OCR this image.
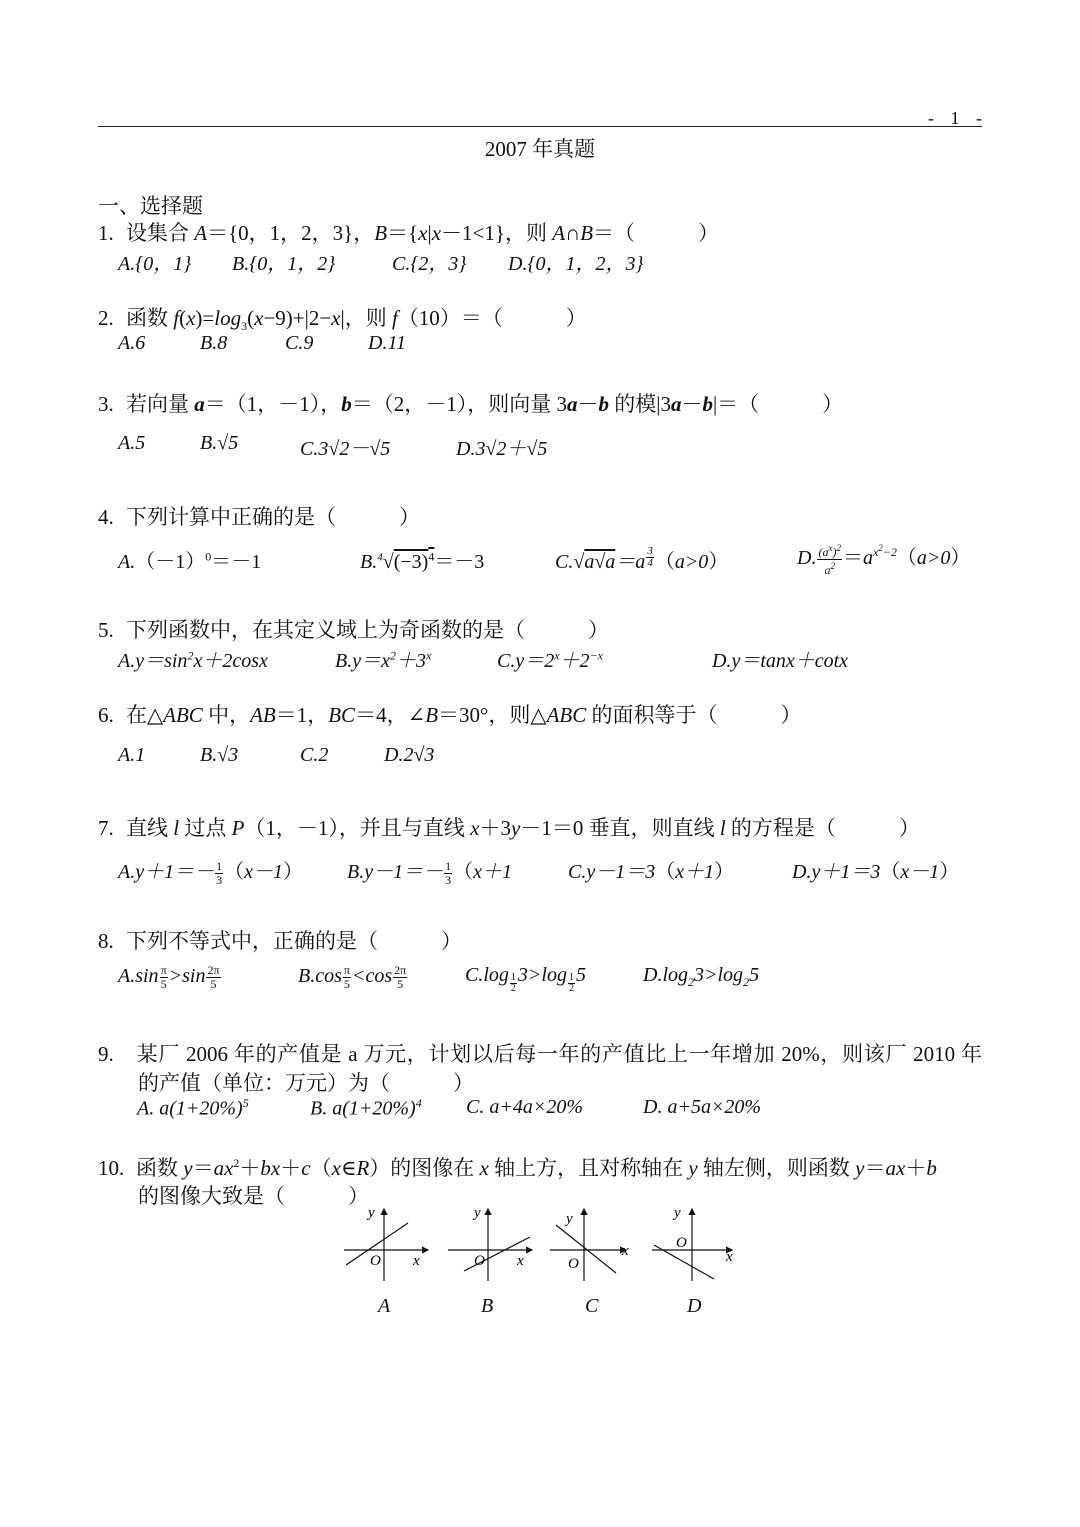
- 1 -
2007 年真题
一、选择题
1. 设集合 A＝{0，1，2，3}，B＝{x|x－1<1}，则 A∩B＝（　　　）
A.{0，1} B.{0，1，2}	C.{2，3} D.{0，1，2，3}
2. 函数 $f(x)=\log_3(x-9)+|2-x|$，则 f（10）＝（　　　）
A.6	B.8	C.9	D.11
3. 若向量 a＝（1，－1），b＝（2，－1），则向量 3a－b 的模|3a－b|＝（　　　）
A.5	B.√5	C.3√2－√5	D.3√2＋√5
4. 下列计算中正确的是（　　　）
$A.(-1)^0=-1$	$B.^4√(-3)^4=-3$	C.√a√a＝a $^{\frac{3}{4}}$ （a>0）	D. $\frac{(a^x)^2}{a^2} =a^{x^2-2}(a>0)$
5. 下列函数中，在其定义域上为奇函数的是（　　　）
$A.y=\sin^2x+2\cos x$	$B.y=x^2+3^x$	$C.y=2^x+2^{-x}$	D.y＝tanx＋cotx
6. 在△ABC 中，AB＝1，BC＝4，∠B＝30°，则△ABC 的面积等于（　　　）
A.1	B.√3	C.2	D.2√3
7. 直线 l 过点 P（1，－1），并且与直线 x＋3y－1＝0 垂直，则直线 l 的方程是（　　　）
$A.y+1=- \frac{1}{3} (x-1)$ $B.y-1=- \frac{1}{3} (x+1$	C.y－1＝3（x＋1）	D.y＋1＝3（x－1）
8. 下列不等式中，正确的是（　　　）
$A.\sin \frac{\pi}{5} >\sin \frac{2\pi}{5}$	$B.\cos \frac{\pi}{5} <\cos \frac{2\pi}{5}$	C.log $_{\frac{1}{2}}$ 3>log $_{\frac{1}{2}}$ 5	$D.\log_23>\log_25$
9. 某厂 2006 年的产值是 a 万元，计划以后每一年的产值比上一年增加 20%，则该厂 2010 年
的产值（单位：万元）为（　　　）
A. $a(1+20\%)^5$	B. $a(1+20\%)^4$ C. a+4a×20%	D. a+5a×20%
10. 函数 $y=ax^2+bx+c(x\in R)$的图像在 x 轴上方，且对称轴在 y 轴左侧，则函数 y＝ax＋b
的图像大致是（　　　）
y
O x
y
O x
y
O
x
y
O
x
A	B	C	D
